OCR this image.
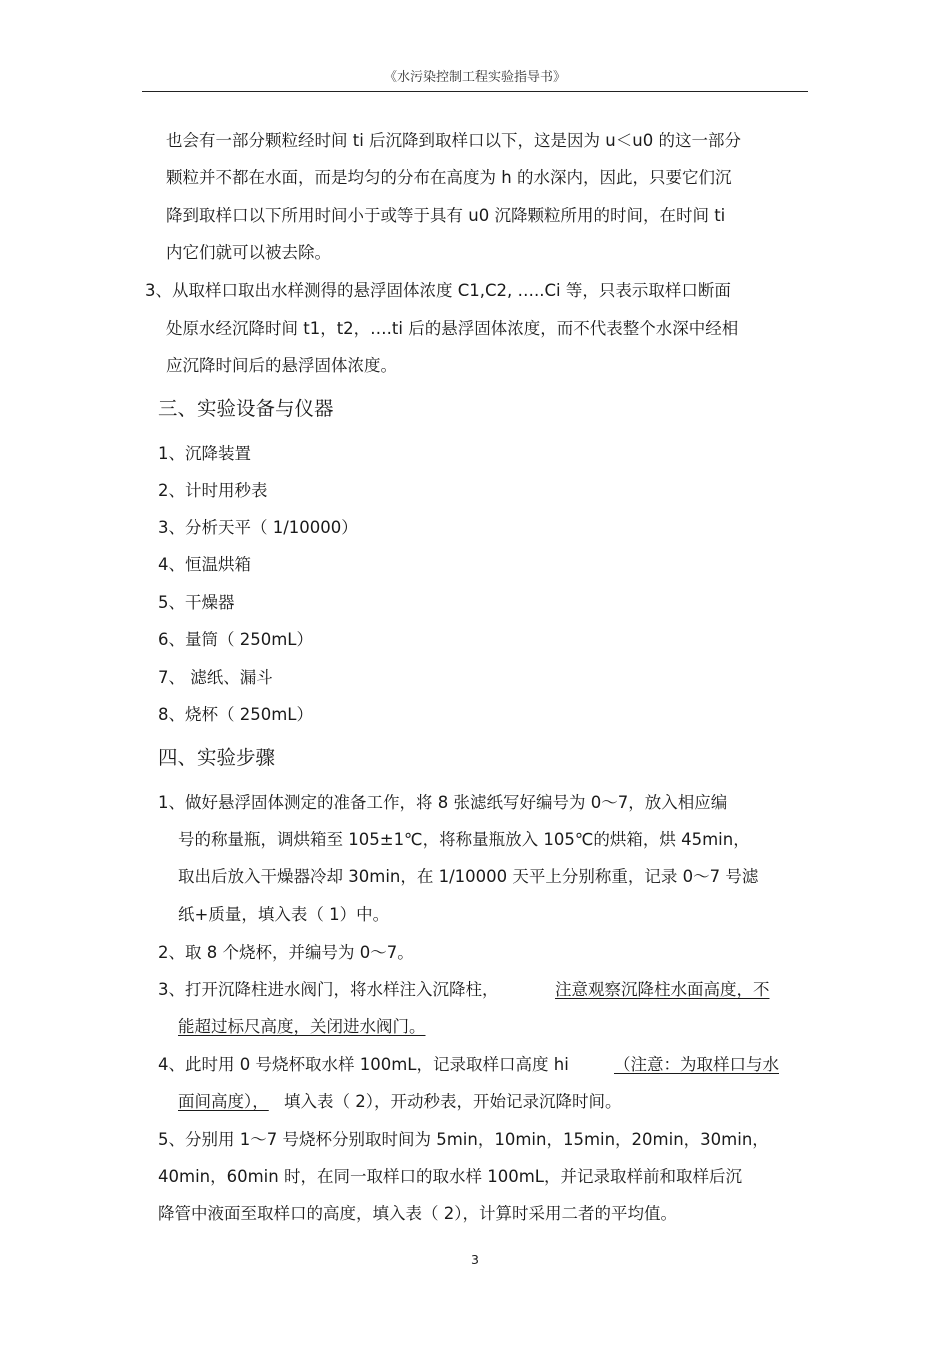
《水污染控制工程实验指导书》
也会有一部分颗粒经时间 ti 后沉降到取样口以下，这是因为 u＜u0 的这一部分
颗粒并不都在水面，而是均匀的分布在高度为 h 的水深内，因此，只要它们沉
降到取样口以下所用时间小于或等于具有 u0 沉降颗粒所用的时间，在时间 ti
内它们就可以被去除。
3、从取样口取出水样测得的悬浮固体浓度 C1,C2, …..Ci 等，只表示取样口断面
处原水经沉降时间 t1，t2，….ti 后的悬浮固体浓度，而不代表整个水深中经相
应沉降时间后的悬浮固体浓度。
三、实验设备与仪器
1、沉降装置
2、计时用秒表
3、分析天平（ 1/10000）
4、恒温烘箱
5、干燥器
6、量筒（ 250mL）
7、 滤纸、漏斗
8、烧杯（ 250mL）
四、实验步骤
1、做好悬浮固体测定的准备工作，将 8 张滤纸写好编号为 0～7，放入相应编
号的称量瓶，调烘箱至 105±1℃，将称量瓶放入 105℃的烘箱，烘 45min，
取出后放入干燥器冷却 30min，在 1/10000 天平上分别称重，记录 0～7 号滤
纸+质量，填入表（ 1）中。
2、取 8 个烧杯，并编号为 0～7。
3、打开沉降柱进水阀门，将水样注入沉降柱，	注意观察沉降柱水面高度，不
能超过标尺高度，关闭进水阀门。
4、此时用 0 号烧杯取水样 100mL，记录取样口高度 hi	（注意：为取样口与水
面间高度）， 填入表（ 2），开动秒表，开始记录沉降时间。
5、分别用 1～7 号烧杯分别取时间为 5min，10min，15min，20min，30min，
40min，60min 时，在同一取样口的取水样 100mL，并记录取样前和取样后沉
降管中液面至取样口的高度，填入表（ 2），计算时采用二者的平均值。
3
